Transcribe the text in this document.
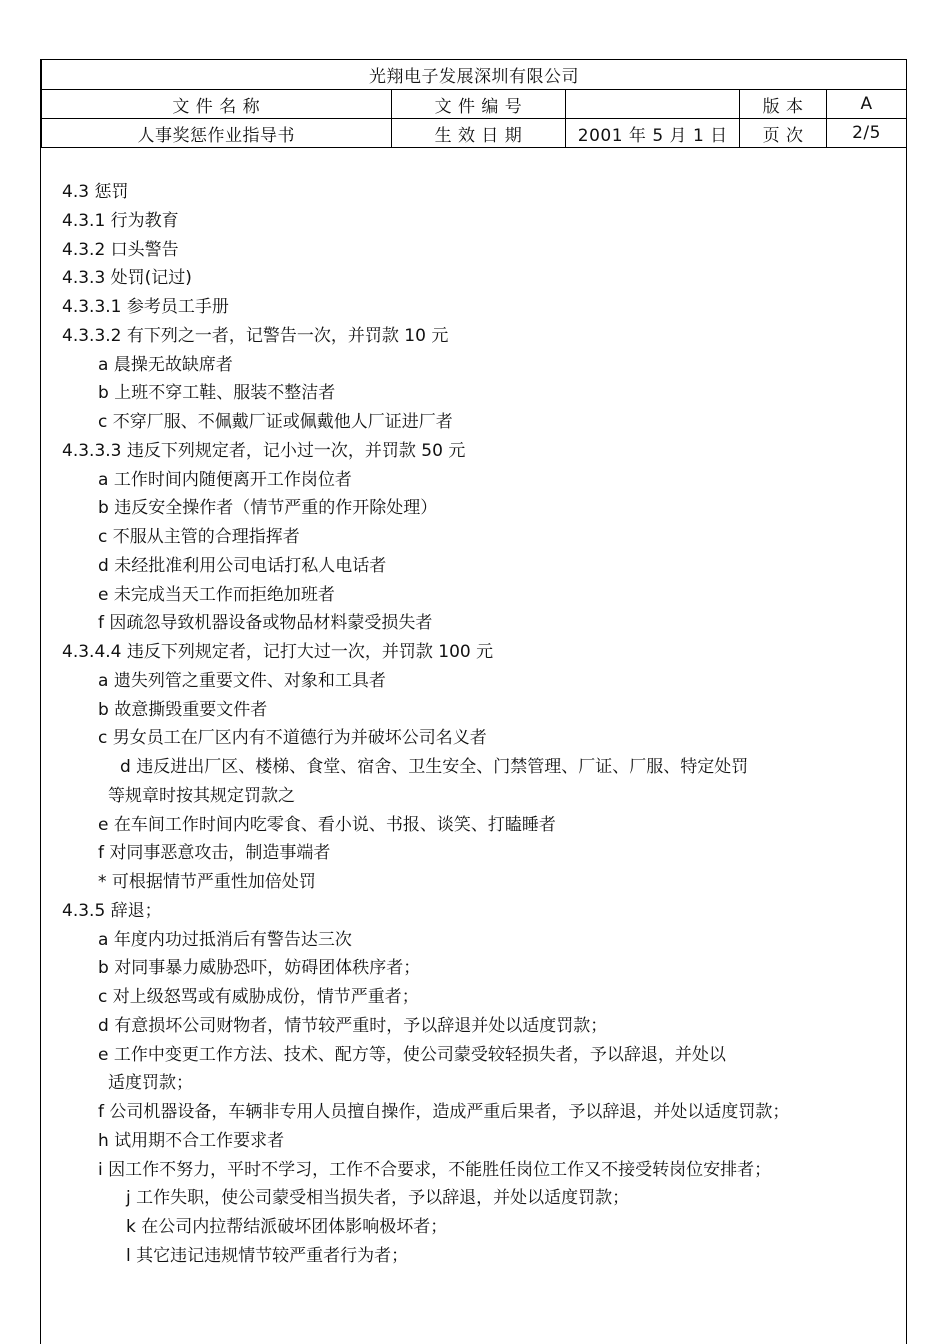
光翔电子发展深圳有限公司				
文 件 名 称	文 件 编 号		版 本	A
人事奖惩作业指导书	生 效 日 期	2001 年 5 月 1 日	页 次	2/5
4.3 惩罚
4.3.1 行为教育
4.3.2 口头警告
4.3.3 处罚(记过)
4.3.3.1 参考员工手册
4.3.3.2 有下列之一者，记警告一次，并罚款 10 元
a 晨操无故缺席者
b 上班不穿工鞋、服装不整洁者
c 不穿厂服、不佩戴厂证或佩戴他人厂证进厂者
4.3.3.3 违反下列规定者，记小过一次，并罚款 50 元
a 工作时间内随便离开工作岗位者
b 违反安全操作者（情节严重的作开除处理）
c 不服从主管的合理指挥者
d 未经批准利用公司电话打私人电话者
e 未完成当天工作而拒绝加班者
f 因疏忽导致机器设备或物品材料蒙受损失者
4.3.4.4 违反下列规定者，记打大过一次，并罚款 100 元
a 遗失列管之重要文件、对象和工具者
b 故意撕毁重要文件者
c 男女员工在厂区内有不道德行为并破坏公司名义者
d 违反进出厂区、楼梯、食堂、宿舍、卫生安全、门禁管理、厂证、厂服、特定处罚
等规章时按其规定罚款之
e 在车间工作时间内吃零食、看小说、书报、谈笑、打瞌睡者
f 对同事恶意攻击，制造事端者
* 可根据情节严重性加倍处罚
4.3.5 辞退；
a 年度内功过抵消后有警告达三次
b 对同事暴力威胁恐吓，妨碍团体秩序者；
c 对上级怒骂或有威胁成份，情节严重者；
d 有意损坏公司财物者，情节较严重时，予以辞退并处以适度罚款；
e 工作中变更工作方法、技术、配方等，使公司蒙受较轻损失者，予以辞退，并处以
适度罚款；
f 公司机器设备，车辆非专用人员擅自操作，造成严重后果者，予以辞退，并处以适度罚款；
h 试用期不合工作要求者
i 因工作不努力，平时不学习，工作不合要求，不能胜任岗位工作又不接受转岗位安排者；
j 工作失职，使公司蒙受相当损失者，予以辞退，并处以适度罚款；
k 在公司内拉帮结派破坏团体影响极坏者；
l 其它违记违规情节较严重者行为者；
